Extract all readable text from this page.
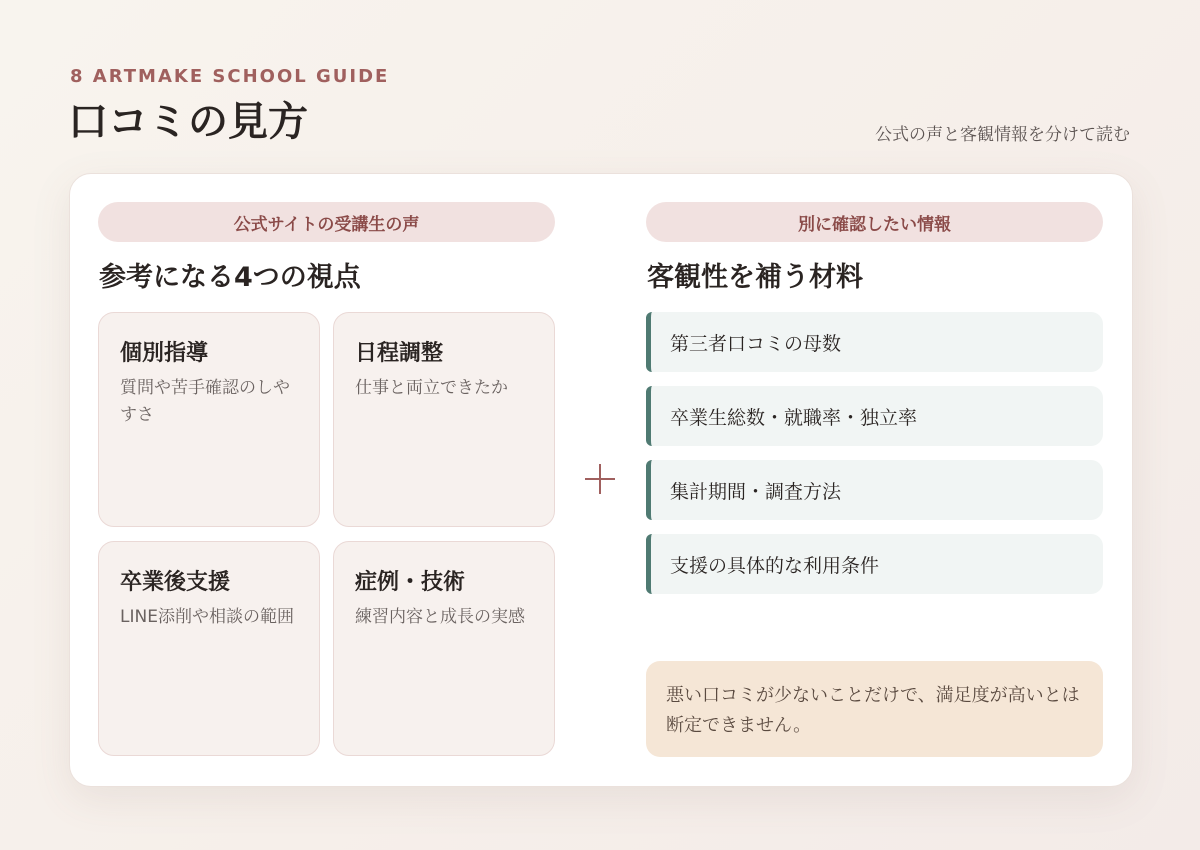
8 ARTMAKE SCHOOL GUIDE
口コミの見方	公式の声と客観情報を分けて読む
公式サイトの受講生の声
参考になる4つの視点
個別指導
質問や苦手確認のしやすさ
日程調整
仕事と両立できたか
卒業後支援
LINE添削や相談の範囲
症例・技術
練習内容と成長の実感
別に確認したい情報
客観性を補う材料
第三者口コミの母数
卒業生総数・就職率・独立率
集計期間・調査方法
支援の具体的な利用条件
悪い口コミが少ないことだけで、満足度が高いとは断定できません。
